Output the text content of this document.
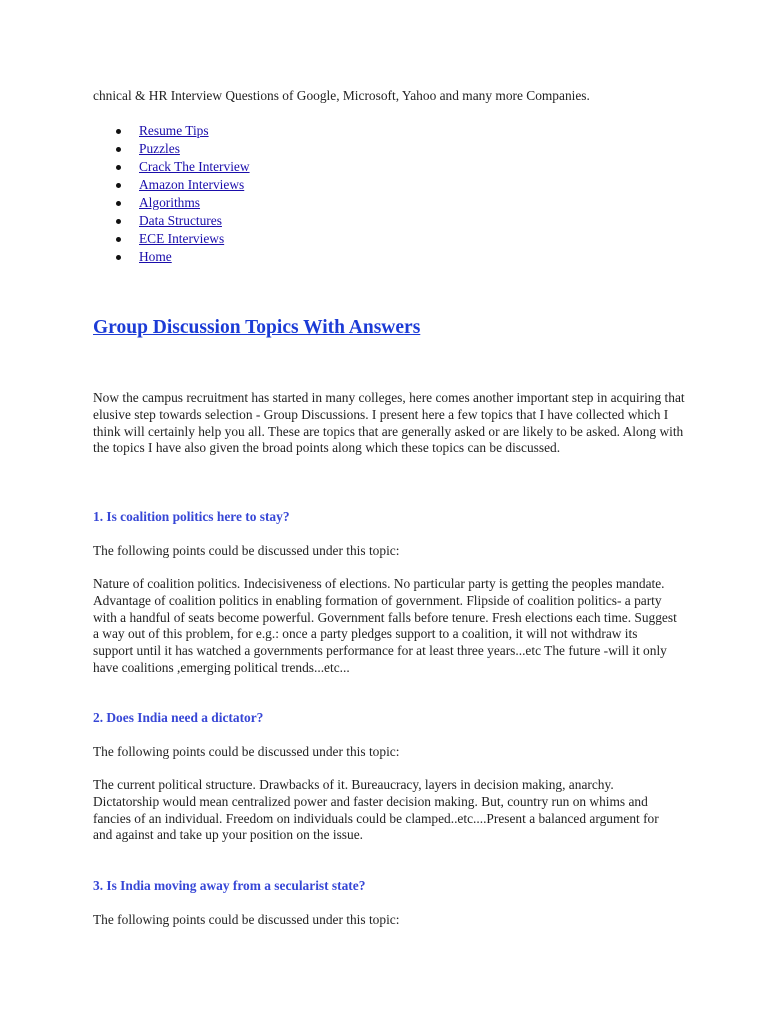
chnical & HR Interview Questions of Google, Microsoft, Yahoo and many more Companies.

Resume Tips
Puzzles
Crack The Interview
Amazon Interviews
Algorithms
Data Structures
ECE Interviews
Home
Group Discussion Topics With Answers

Now the campus recruitment has started in many colleges, here comes another important step in acquiring that elusive step towards selection - Group Discussions. I present here a few topics that I have collected which I think will certainly help you all. These are topics that are generally asked or are likely to be asked. Along with the topics I have also given the broad points along which these topics can be discussed.

1. Is coalition politics here to stay?

The following points could be discussed under this topic:

Nature of coalition politics. Indecisiveness of elections. No particular party is getting the peoples mandate. Advantage of coalition politics in enabling formation of government. Flipside of coalition politics- a party with a handful of seats become powerful. Government falls before tenure. Fresh elections each time. Suggest a way out of this problem, for e.g.: once a party pledges support to a coalition, it will not withdraw its support until it has watched a governments performance for at least three years...etc The future -will it only have coalitions ,emerging political trends...etc...

2. Does India need a dictator?

The following points could be discussed under this topic:

The current political structure. Drawbacks of it. Bureaucracy, layers in decision making, anarchy. Dictatorship would mean centralized power and faster decision making. But, country run on whims and fancies of an individual. Freedom on individuals could be clamped..etc....Present a balanced argument for and against and take up your position on the issue.

3. Is India moving away from a secularist state?

The following points could be discussed under this topic:
